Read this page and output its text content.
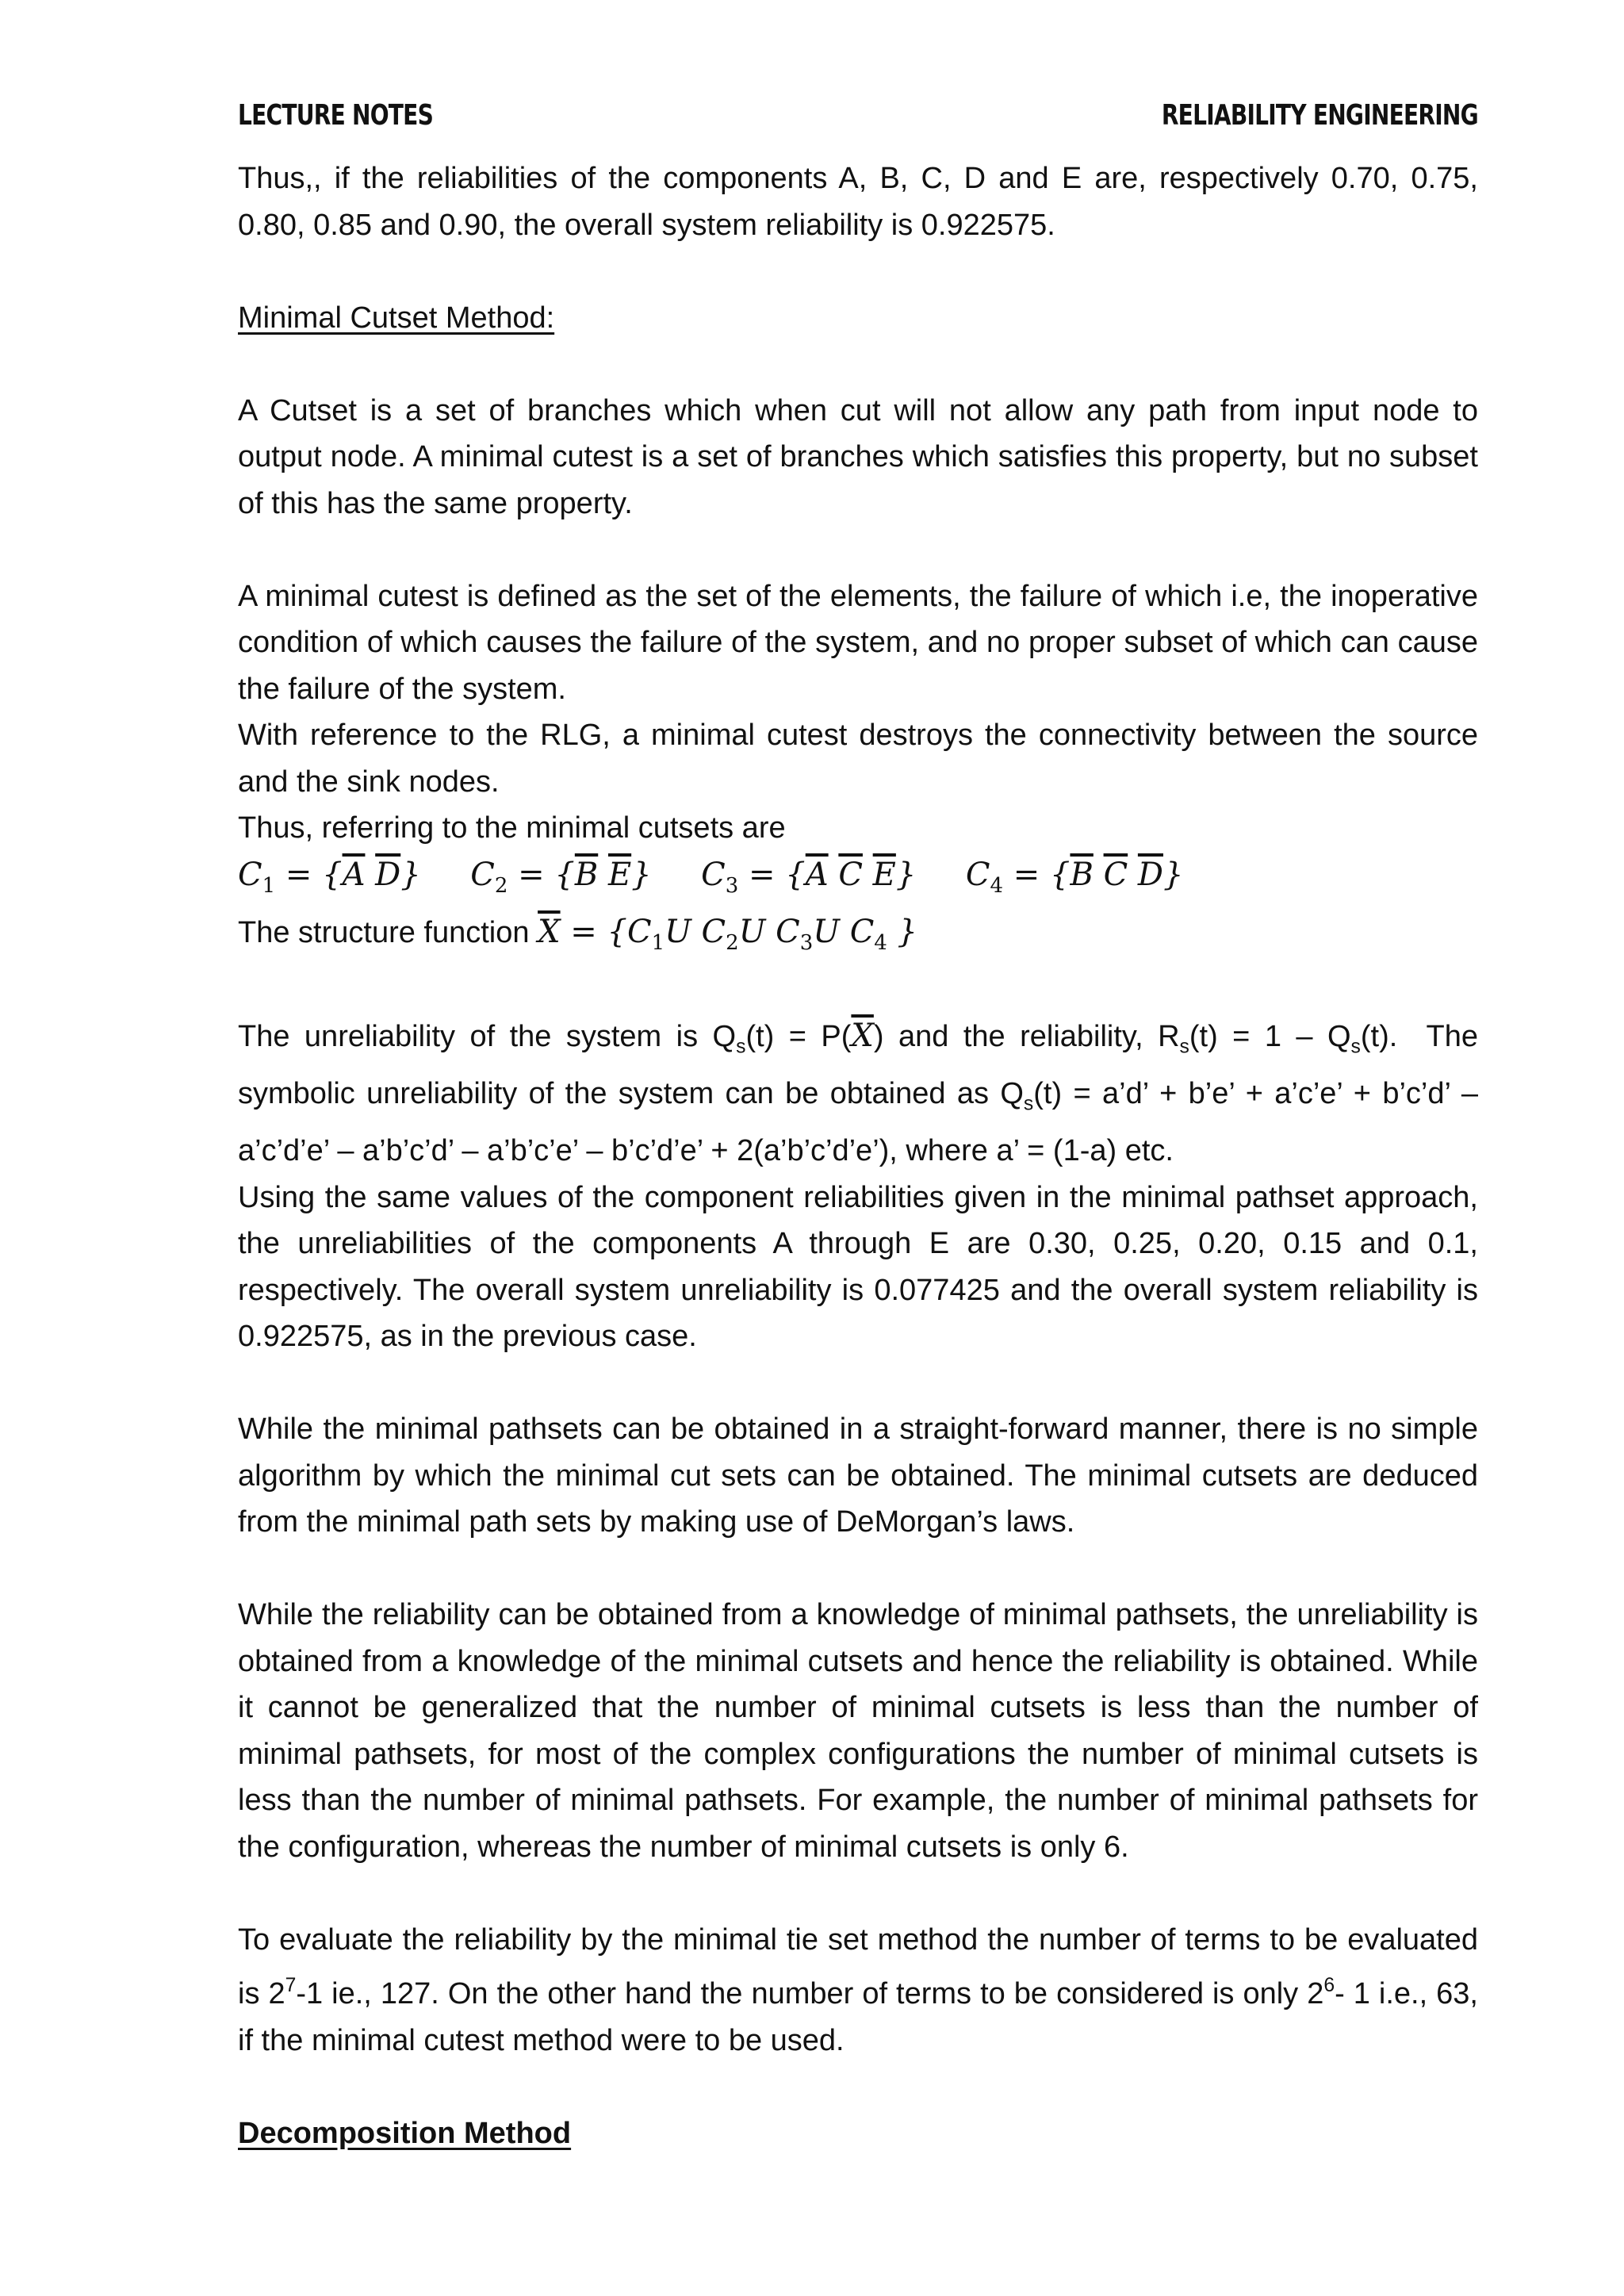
LECTURE NOTES	RELIABILITY ENGINEERING

Thus,, if the reliabilities of the components A, B, C, D and E are, respectively 0.70, 0.75, 0.80, 0.85 and 0.90, the overall system reliability is 0.922575.

Minimal Cutset Method:

A Cutset is a set of branches which when cut will not allow any path from input node to output node. A minimal cutest is a set of branches which satisfies this property, but no subset of this has the same property.

A minimal cutest is defined as the set of the elements, the failure of which i.e, the inoperative condition of which causes the failure of the system, and no proper subset of which can cause the failure of the system.

With reference to the RLG, a minimal cutest destroys the connectivity between the source and the sink nodes.

Thus, referring to the minimal cutsets are

$C_1 = \{\overline{A}$ $\overline{D}$} $C_2 = \{\overline{B}$ $\overline{E}$} $C_3 = \{\overline{A}$ $\overline{C}$ $\overline{E}$} $C_4 = \{\overline{B}$ $\overline{C}$ $\overline{D}$}

The structure function $\overline{X} = \{C_1U$ $C_2U$ $C_3U$ $C_4$ }

The unreliability of the system is $Q_s(t) = P(\overline{X})$ and the reliability, $R_s(t) = 1 - Q_s(t)$.  The symbolic unreliability of the system can be obtained as $Q_s(t)$ = a’d’ + b’e’ + a’c’e’ + b’c’d’ – a’c’d’e’ – a’b’c’d’ – a’b’c’e’ – b’c’d’e’ + 2(a’b’c’d’e’), where a’ = (1-a) etc.

Using the same values of the component reliabilities given in the minimal pathset approach, the unreliabilities of the components A through E are 0.30, 0.25, 0.20, 0.15 and 0.1, respectively. The overall system unreliability is 0.077425 and the overall system reliability is 0.922575, as in the previous case.

While the minimal pathsets can be obtained in a straight-forward manner, there is no simple algorithm by which the minimal cut sets can be obtained. The minimal cutsets are deduced from the minimal path sets by making use of DeMorgan’s laws.

While the reliability can be obtained from a knowledge of minimal pathsets, the unreliability is obtained from a knowledge of the minimal cutsets and hence the reliability is obtained. While it cannot be generalized that the number of minimal cutsets is less than the number of minimal pathsets, for most of the complex configurations the number of minimal cutsets is less than the number of minimal pathsets. For example, the number of minimal pathsets for the configuration, whereas the number of minimal cutsets is only 6.

To evaluate the reliability by the minimal tie set method the number of terms to be evaluated is $2^7-1$ ie., 127. On the other hand the number of terms to be considered is only $2^6-$ 1 i.e., 63, if the minimal cutest method were to be used.

Decomposition Method
